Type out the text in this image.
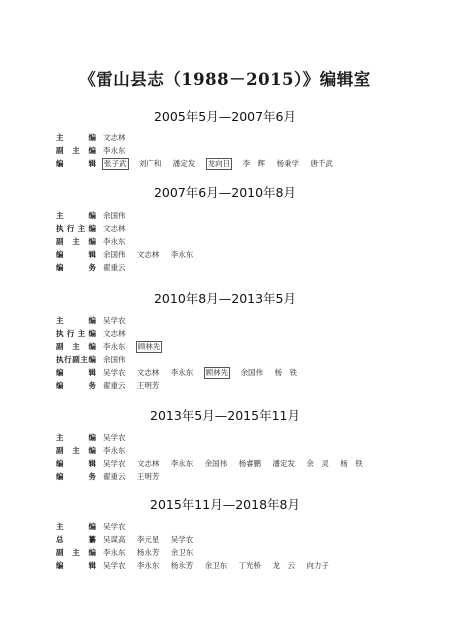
《雷山县志（1988－2015）》编辑室
2005年5月—2007年6月
主	编 文志林
副 主 编 李永东
编	辑 张子武 刘广和 潘定发 龙向日 李　辉 杨秉学 唐千武
2007年6月—2010年8月
主	编 余国伟
执 行 主 编 文志林
副 主 编 李永东
编	辑 余国伟 文志林 李永东
编	务 翟重云
2010年8月—2013年5月
主	编 吴学农
执 行 主 编 文志林
副 主 编 李永东 顾林先
执 行 副 主 编 余国伟
编	辑 吴学农 文志林 李永东 顾林先 余国伟 杨　铁
编	务 翟重云 王明芳
2013年5月—2015年11月
主	编 吴学农
副 主 编 李永东
编	辑 吴学农 文志林 李永东 余国伟 杨睿鹏 潘定发 余　灵 杨　铁
编	务 翟重云 王明芳
2015年11月—2018年8月
主	编 吴学农
总	纂 吴谋高 李元星 吴学农
副 主 编 李永东 杨永芳 余卫东
编	辑 吴学农 李永东 杨永芳 余卫东 丁光桥 龙　云 向力子
